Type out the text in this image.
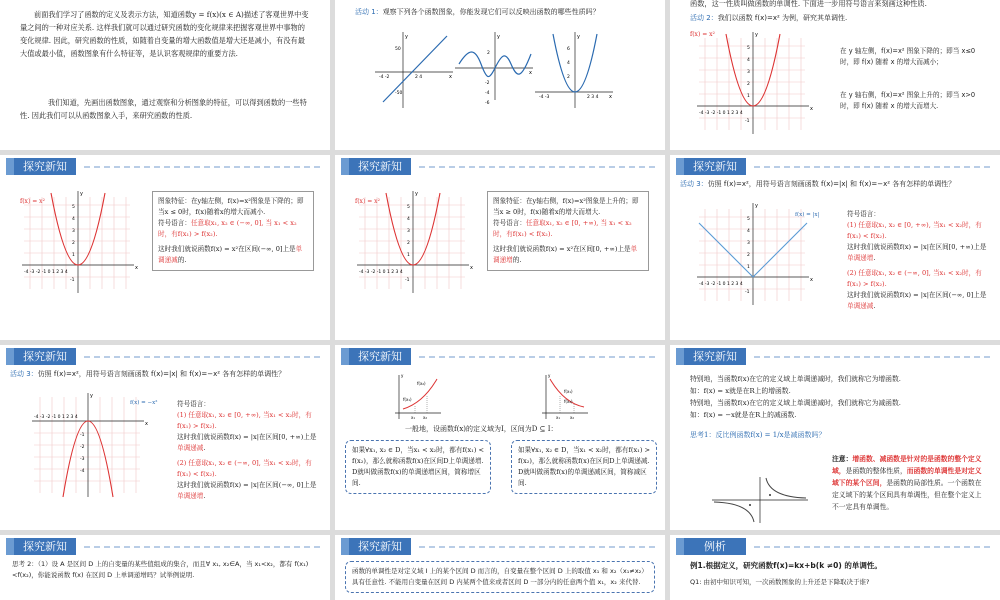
前面我们学习了函数的定义及表示方法，知道函数y = f(x)(x ∈ A)描述了客观世界中变量之间的一种对应关系. 这样我们就可以通过研究函数的变化规律来把握客观世界中事物的变化规律. 因此，研究函数的性质，如随着自变量的增大函数值是增大还是减小，有没有最大值或最小值，函数图象有什么特征等，是认识客观规律的重要方法.
我们知道，先画出函数图象，通过观察和分析图象的特征，可以得到函数的一些特性. 因此我们可以从函数图象入手，来研究函数的性质.
活动 1：观察下列各个函数图象，你能发现它们可以反映出函数的哪些性质吗？
y
x
50
-4 -2	2 4
-50
y
x
2
-2
-4
-6
y
x
6
4
2
-4 -3	2 3 4
函数，这一性质叫做函数的单调性. 下面进一步用符号语言来刻画这种性质.
活动 2：我们以函数 f(x)=x² 为例，研究其单调性.
f(x) = x²	y
x
5
4
3
2
1
-1
-4 -3 -2 -1 0 1 2 3 4
在 y 轴左侧，f(x)=x² 图象下降的；即当 x≤0 时，即 f(x) 随着 x 的增大而减小；
在 y 轴右侧，f(x)=x² 图象上升的；即当 x>0 时，即 f(x) 随着 x 的增大而增大.
探究新知
f(x) = x²
y
x
5
4
3
2
1
-1
-4 -3 -2 -1 0 1 2 3 4
图象特征：在y轴左侧，f(x)=x²图象是下降的；即当x ≤ 0时，f(x)随着x的增大而减小.
符号语言：任意取x₁, x₂ ∈ (−∞, 0], 当 x₁ < x₂时，有f(x₁) > f(x₂).
这时我们就说函数f(x) = x²在区间(−∞, 0]上是单调递减的.
探究新知
f(x) = x²
y
x
5
4
3
2
1
-1
-4 -3 -2 -1 0 1 2 3 4
图象特征：在y轴右侧，f(x)=x²图象是上升的；即当x ≥ 0时，f(x)随着x的增大而增大.
符号语言：任意取x₁, x₂ ∈ [0, +∞), 当 x₁ < x₂时，有f(x₁) < f(x₂).
这时我们就说函数f(x) = x²在区间[0, +∞)上是单调递增的.
探究新知
活动 3：仿照 f(x)=x²，用符号语言刻画函数 f(x)=|x| 和 f(x)=−x² 各有怎样的单调性？
y
x
5
4
3
2
1
-1
-4 -3 -2 -1 0 1 2 3 4
f(x) = |x|	符号语言：
(1) 任意取x₁, x₂ ∈ [0, +∞), 当x₁ < x₂时，有f(x₁) < f(x₂).
这时我们就说函数f(x) = |x|在区间[0, +∞)上是单调递增.
(2) 任意取x₁, x₂ ∈ (−∞, 0], 当x₁ < x₂时，有f(x₁) > f(x₂).
这时我们就说函数f(x) = |x|在区间(−∞, 0]上是单调递减.
探究新知
活动 3：仿照 f(x)=x²，用符号语言刻画函数 f(x)=|x| 和 f(x)=−x² 各有怎样的单调性？
y
x
-4 -3 -2 -1 0 1 2 3 4
-1
-2
-3
-4
f(x) = −x²	符号语言：
(1) 任意取x₁, x₂ ∈ [0, +∞), 当x₁ < x₂时，有f(x₁) > f(x₂).
这时我们就说函数f(x) = |x|在区间[0, +∞)上是单调递减.
(2) 任意取x₁, x₂ ∈ (−∞, 0], 当x₁ < x₂时，有f(x₁) < f(x₂).
这时我们就说函数f(x) = |x|在区间(−∞, 0]上是单调递增.
探究新知
y
x₁ x₂
f(x₂)
f(x₁)
y
x₁	x₂
f(x₁)
f(x₂)
一般地，设函数f(x)的定义域为I，区间为D ⊆ I：
如果∀x₁, x₂ ∈ D，当x₁ < x₂时，都有f(x₁) < f(x₂)，那么就称函数f(x)在区间D上单调递增. D就叫做函数f(x)的单调递增区间，简称增区间.
如果∀x₁, x₂ ∈ D，当x₁ < x₂时，都有f(x₁) > f(x₂)，那么就称函数f(x)在区间D上单调递减. D就叫做函数f(x)的单调递减区间，简称减区间.
探究新知
特别地，当函数f(x)在它的定义域上单调递减时，我们就称它为增函数.
如：f(x) = x就是在R上的增函数.
特别地，当函数f(x)在它的定义域上单调递减时，我们就称它为减函数.
如：f(x) = −x就是在R上的减函数.
思考1：反比例函数f(x) = 1/x是减函数吗？
注意：增函数、减函数是针对的是函数的整个定义域，是函数的整体性质，而函数的单调性是对定义域下的某个区间，是函数的局部性质。一个函数在定义域下的某个区间具有单调性，但在整个定义上不一定具有单调性。
探究新知
思考 2：（1）设 A 是区间 D 上的自变量的某些值组成的集合，而且∀ x₁, x₂∈A，当 x₁<x₂，都有 f(x₁)<f(x₂)，你能说函数 f(x) 在区间 D 上单调递增吗？试举例说明.
探究新知
函数的单调性是对定义域 I 上的某个区间 D 而言的，自变量在整个区间 D 上的取值 x₁ 和 x₂（x₁≠x₂）具有任意性. 不能用自变量在区间 D 内某两个值来或者区间 D 一部分内的任意两个值 x₁，x₂ 来代替.
例析
例1.根据定义，研究函数f(x)=kx+b(k ≠0) 的单调性。
Q1: 由初中知识可知，一次函数图象的上升还是下降取决于谁?
